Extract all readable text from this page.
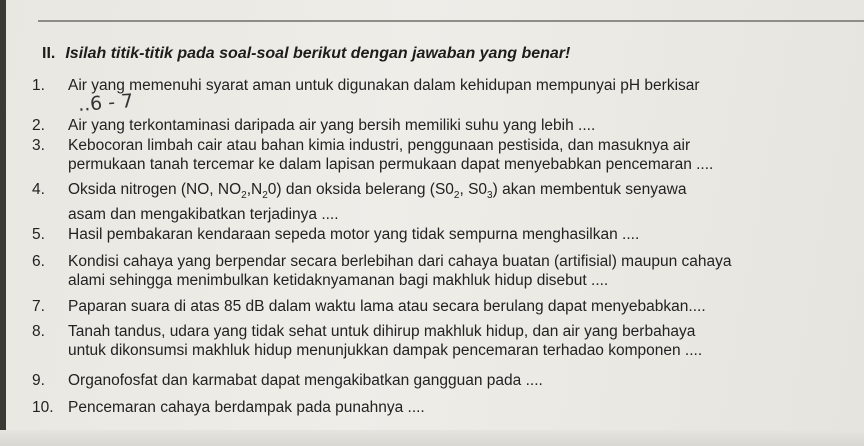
II. Isilah titik-titik pada soal-soal berikut dengan jawaban yang benar!
1. Air yang memenuhi syarat aman untuk digunakan dalam kehidupan mempunyai pH berkisar
..6 - 7
2. Air yang terkontaminasi daripada air yang bersih memiliki suhu yang lebih ....
3. Kebocoran limbah cair atau bahan kimia industri, penggunaan pestisida, dan masuknya air
permukaan tanah tercemar ke dalam lapisan permukaan dapat menyebabkan pencemaran ....
4. Oksida nitrogen (NO, $NO_2,N_20$) dan oksida belerang ($S0_2$, $S0_3$) akan membentuk senyawa
asam dan mengakibatkan terjadinya ....
5. Hasil pembakaran kendaraan sepeda motor yang tidak sempurna menghasilkan ....
6. Kondisi cahaya yang berpendar secara berlebihan dari cahaya buatan (artifisial) maupun cahaya
alami sehingga menimbulkan ketidaknyamanan bagi makhluk hidup disebut ....
7. Paparan suara di atas 85 dB dalam waktu lama atau secara berulang dapat menyebabkan....
8. Tanah tandus, udara yang tidak sehat untuk dihirup makhluk hidup, dan air yang berbahaya
untuk dikonsumsi makhluk hidup menunjukkan dampak pencemaran terhadao komponen ....
9. Organofosfat dan karmabat dapat mengakibatkan gangguan pada ....
10. Pencemaran cahaya berdampak pada punahnya ....
